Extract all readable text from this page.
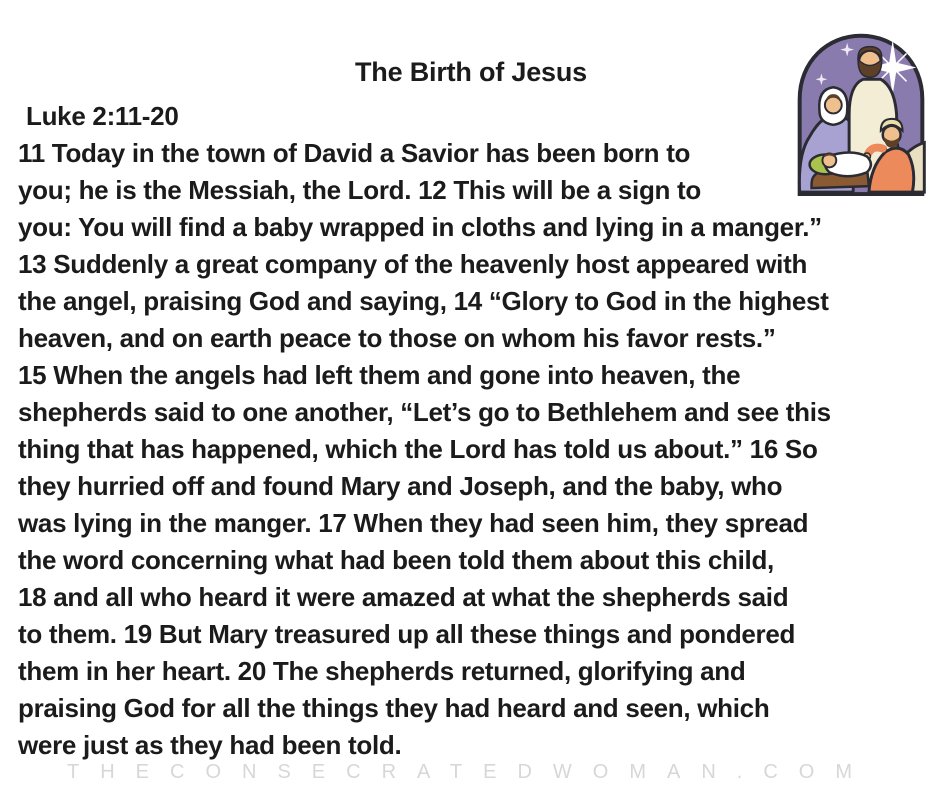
The Birth of Jesus
Luke 2:11-20
11 Today in the town of David a Savior has been born to
you; he is the Messiah, the Lord. 12 This will be a sign to
you: You will find a baby wrapped in cloths and lying in a manger.”
13 Suddenly a great company of the heavenly host appeared with
the angel, praising God and saying, 14 “Glory to God in the highest
heaven, and on earth peace to those on whom his favor rests.”
15 When the angels had left them and gone into heaven, the
shepherds said to one another, “Let’s go to Bethlehem and see this
thing that has happened, which the Lord has told us about.” 16 So
they hurried off and found Mary and Joseph, and the baby, who
was lying in the manger. 17 When they had seen him, they spread
the word concerning what had been told them about this child,
18 and all who heard it were amazed at what the shepherds said
to them. 19 But Mary treasured up all these things and pondered
them in her heart. 20 The shepherds returned, glorifying and
praising God for all the things they had heard and seen, which
were just as they had been told.
THECONSECRATEDWOMAN.COM
